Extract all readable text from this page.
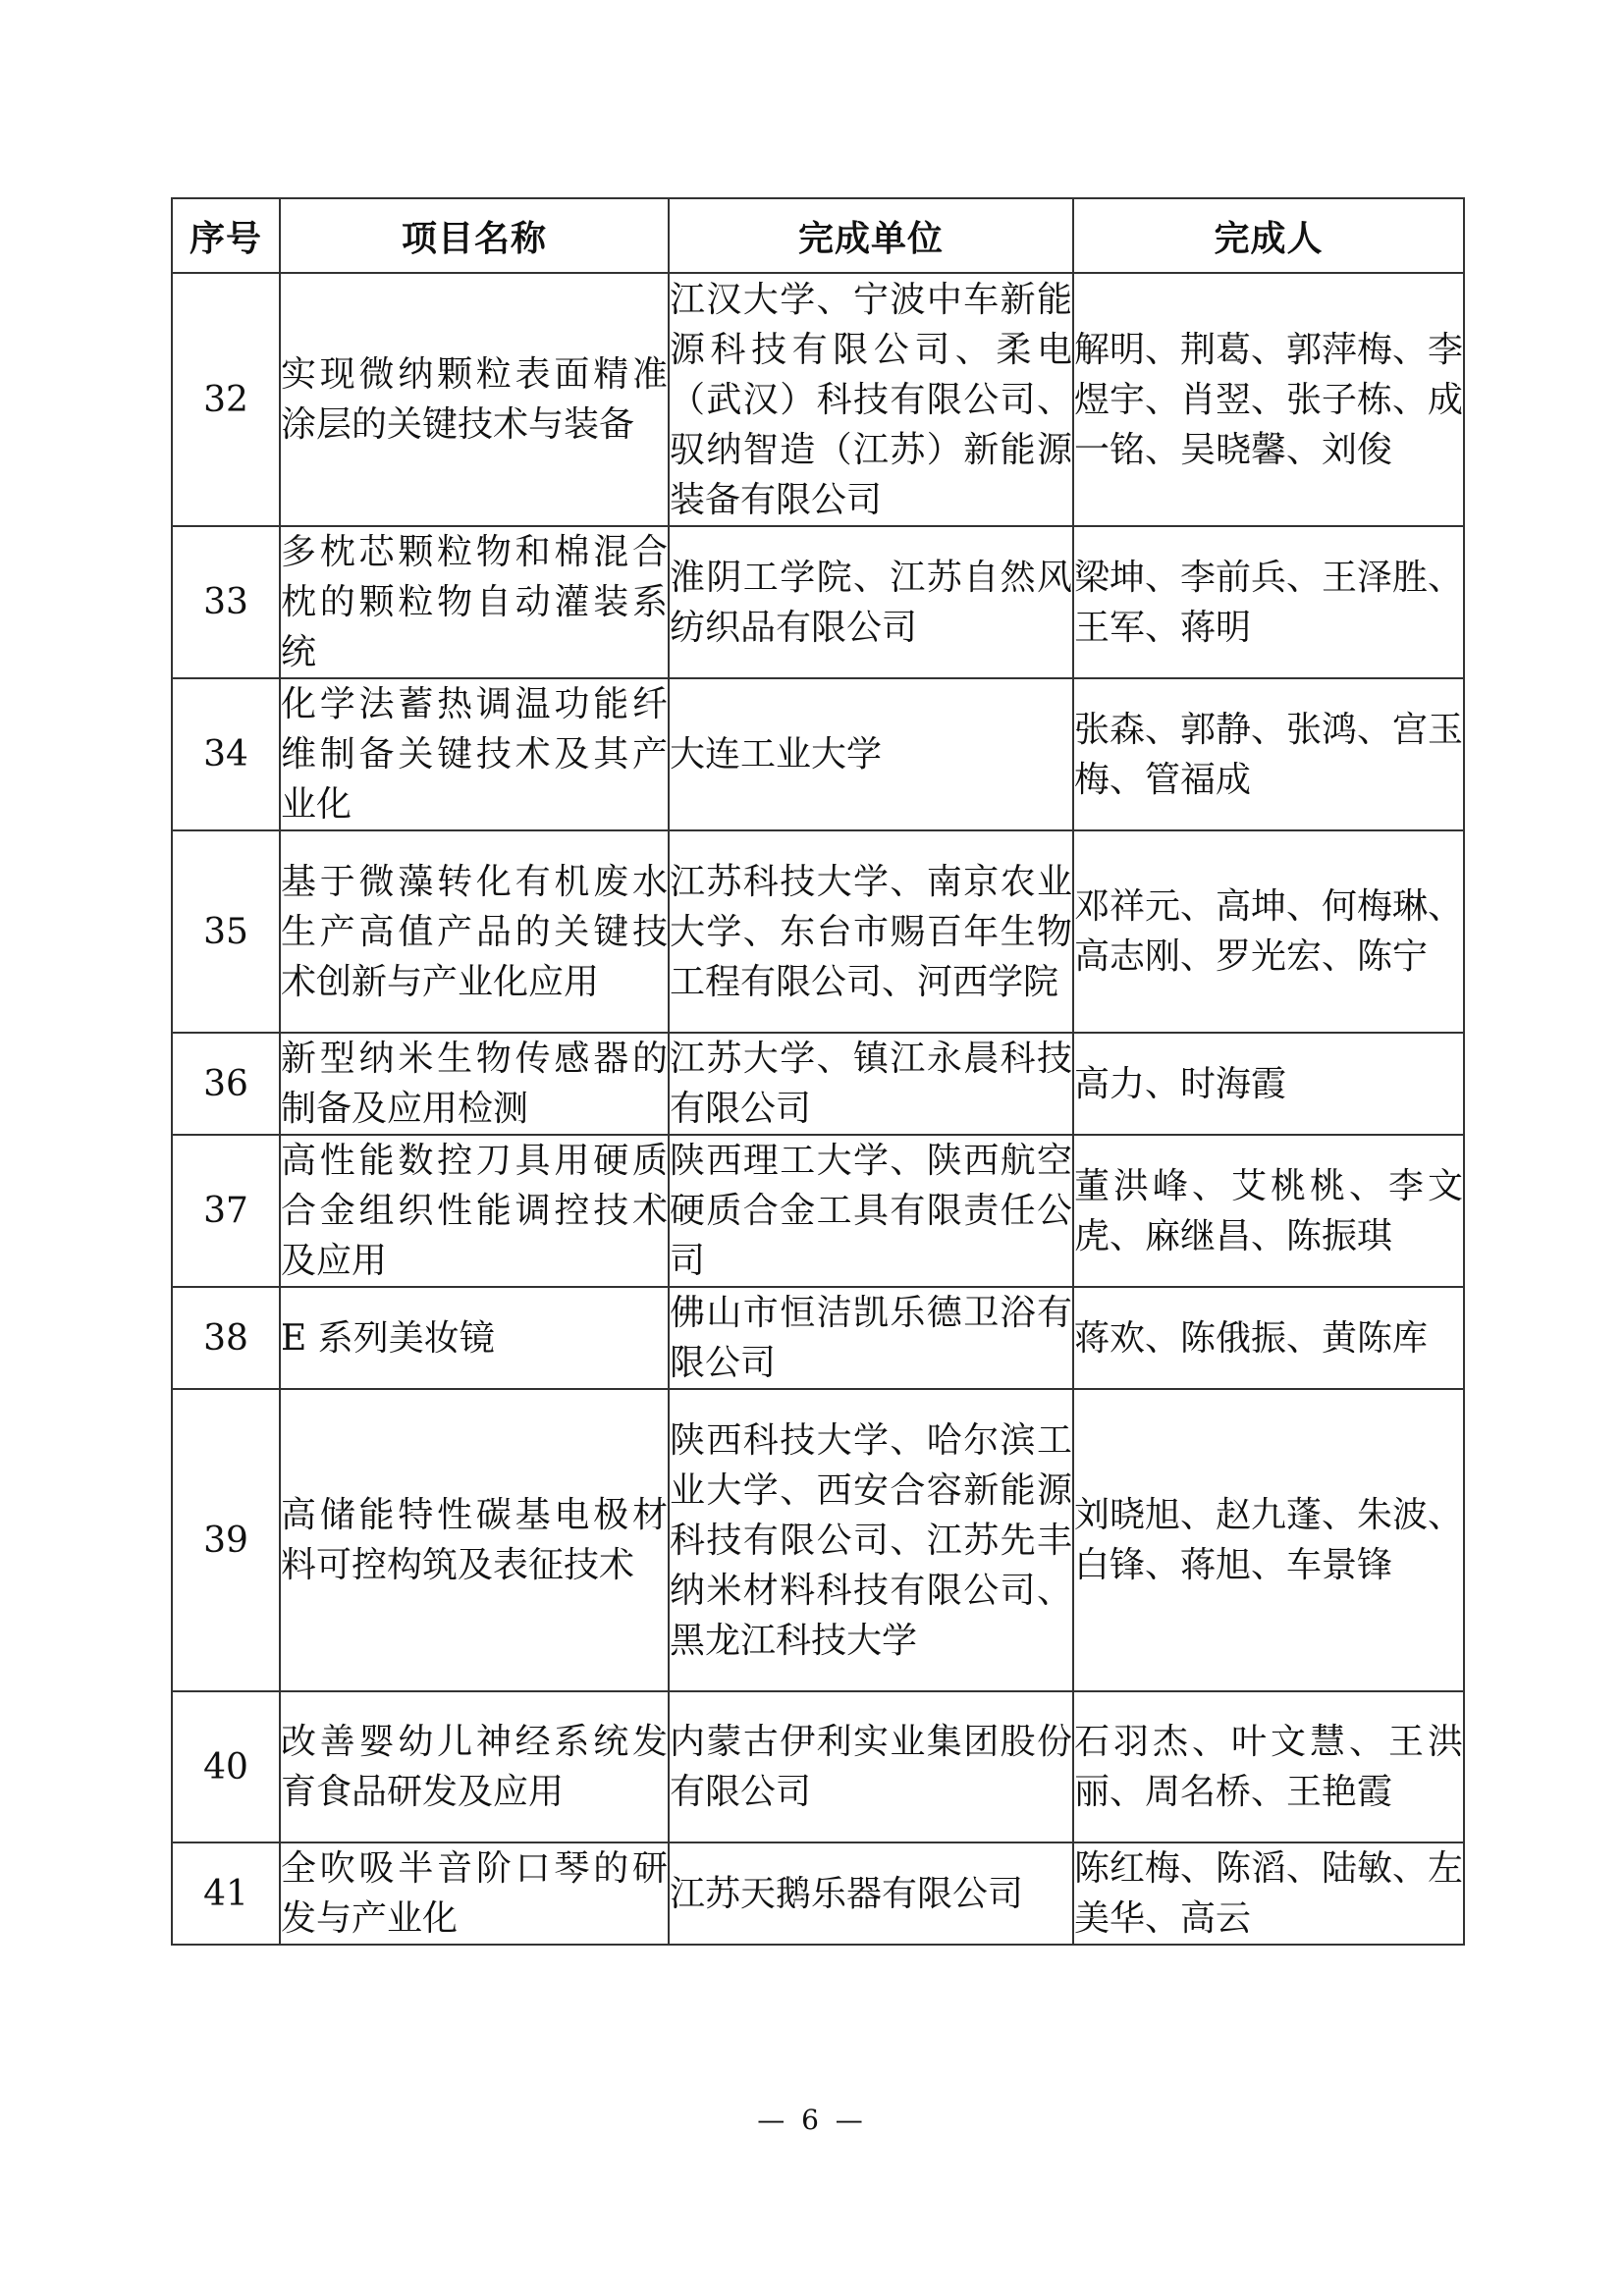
序号	项目名称	完成单位	完成人
32	实现微纳颗粒表面精准涂层的关键技术与装备	江汉大学、宁波中车新能源科技有限公司、柔电（武汉）科技有限公司、驭纳智造（江苏）新能源装备有限公司	解明、荆葛、郭萍梅、李煜宇、肖翌、张子栋、成一铭、吴晓馨、刘俊
33	多枕芯颗粒物和棉混合枕的颗粒物自动灌装系统	淮阴工学院、江苏自然风纺织品有限公司	梁坤、李前兵、王泽胜、王军、蒋明
34	化学法蓄热调温功能纤维制备关键技术及其产业化	大连工业大学	张森、郭静、张鸿、宫玉梅、管福成
35	基于微藻转化有机废水生产高值产品的关键技术创新与产业化应用	江苏科技大学、南京农业大学、东台市赐百年生物工程有限公司、河西学院	邓祥元、高坤、何梅琳、高志刚、罗光宏、陈宁
36	新型纳米生物传感器的制备及应用检测	江苏大学、镇江永晨科技有限公司	高力、时海霞
37	高性能数控刀具用硬质合金组织性能调控技术及应用	陕西理工大学、陕西航空硬质合金工具有限责任公司	董洪峰、艾桃桃、李文虎、麻继昌、陈振琪
38	E 系列美妆镜	佛山市恒洁凯乐德卫浴有限公司	蒋欢、陈俄振、黄陈库
39	高储能特性碳基电极材料可控构筑及表征技术	陕西科技大学、哈尔滨工业大学、西安合容新能源科技有限公司、江苏先丰纳米材料科技有限公司、黑龙江科技大学	刘晓旭、赵九蓬、朱波、白锋、蒋旭、车景锋
40	改善婴幼儿神经系统发育食品研发及应用	内蒙古伊利实业集团股份有限公司	石羽杰、叶文慧、王洪丽、周名桥、王艳霞
41	全吹吸半音阶口琴的研发与产业化	江苏天鹅乐器有限公司	陈红梅、陈滔、陆敏、左美华、高云
— 6 —
